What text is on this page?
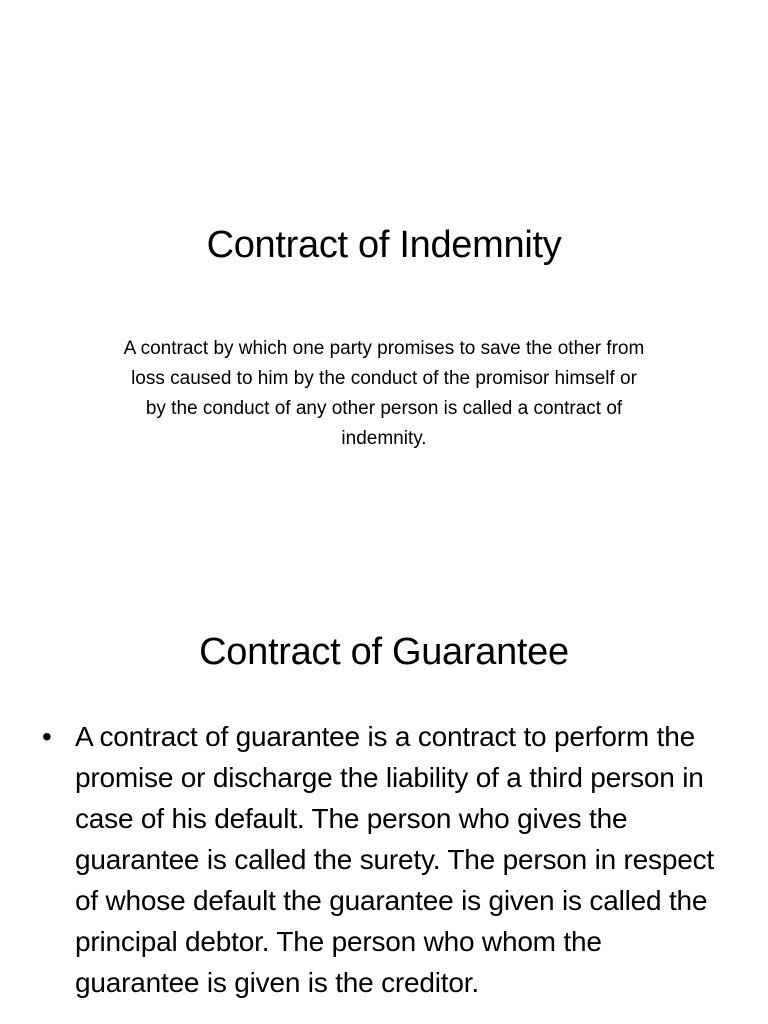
Contract of Indemnity

A contract by which one party promises to save the other from loss caused to him by the conduct of the promisor himself or by the conduct of any other person is called a contract of indemnity.

Contract of Guarantee
• A contract of guarantee is a contract to perform the promise or discharge the liability of a third person in case of his default. The person who gives the guarantee is called the surety. The person in respect of whose default the guarantee is given is called the principal debtor. The person who whom the guarantee is given is the creditor.
